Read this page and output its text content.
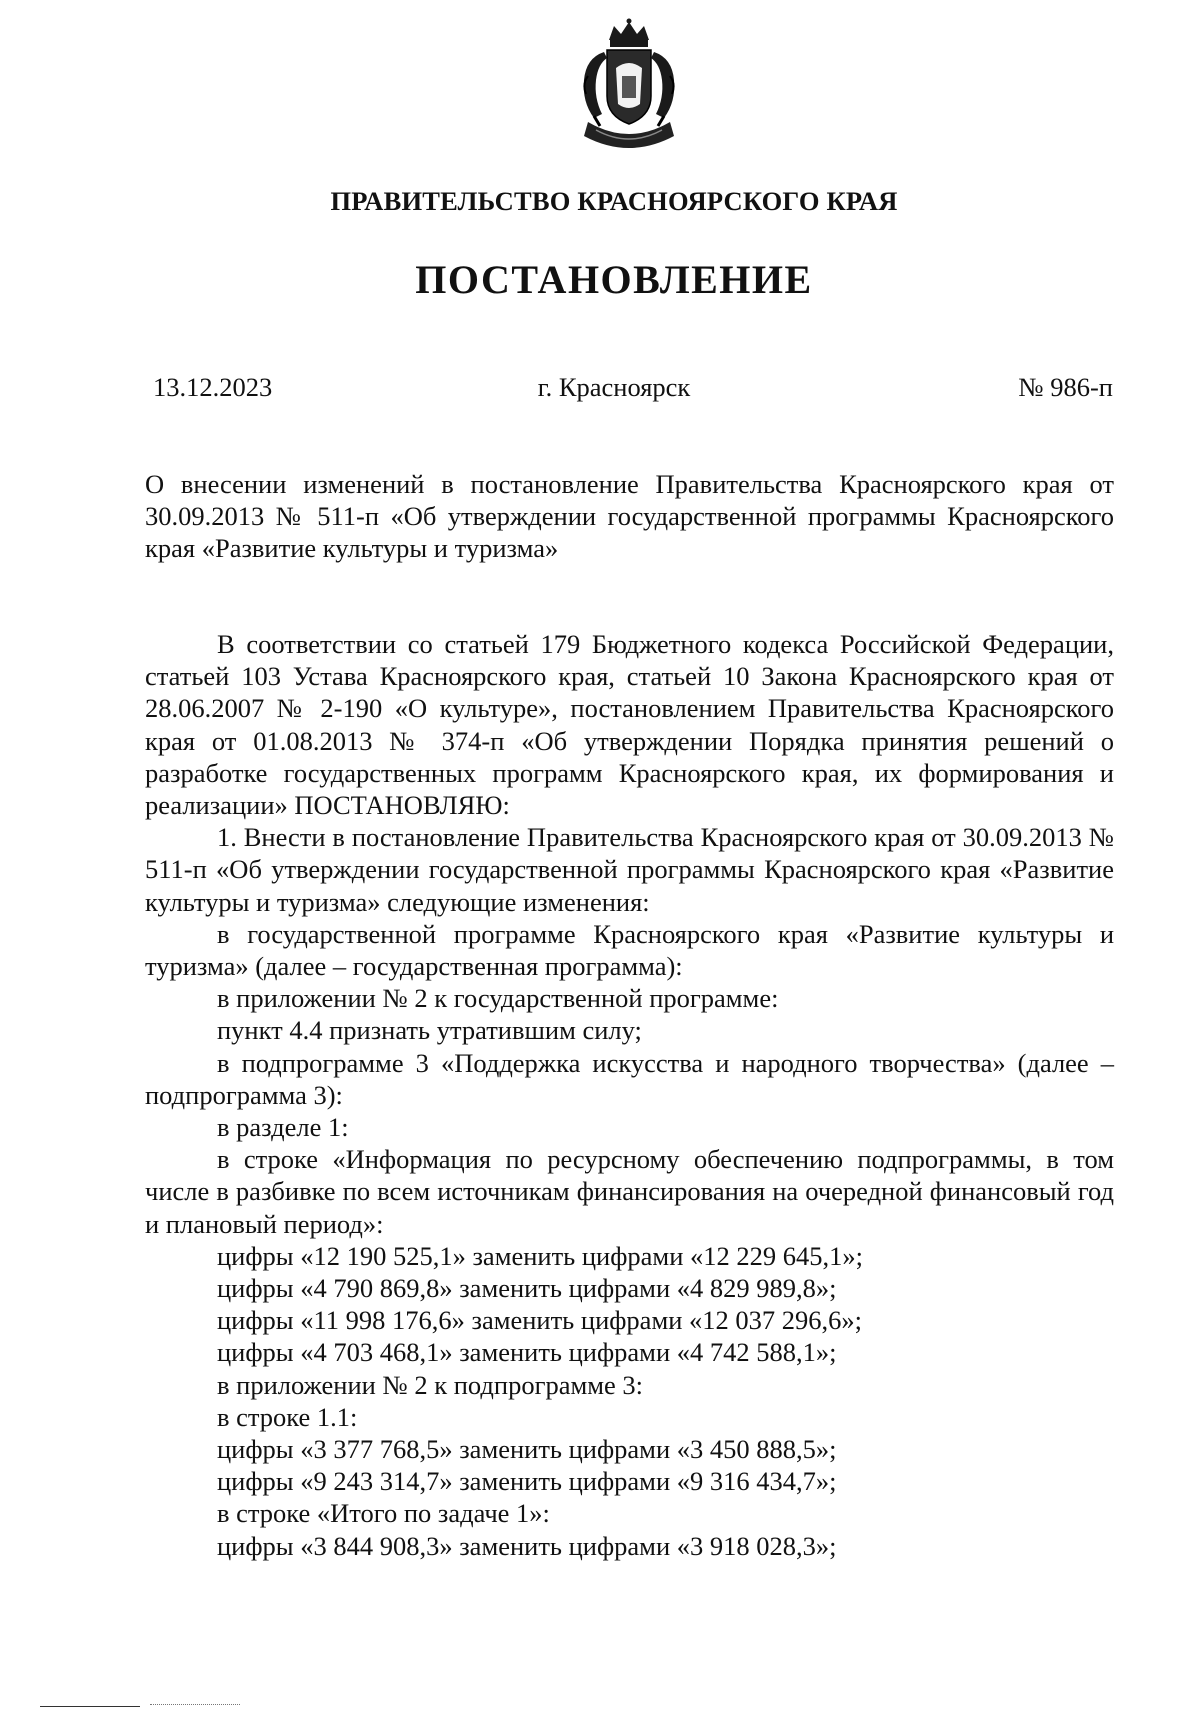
ПРАВИТЕЛЬСТВО КРАСНОЯРСКОГО КРАЯ
ПОСТАНОВЛЕНИЕ
13.12.2023	г. Красноярск	№ 986-п
О внесении изменений в постановление Правительства Красноярского края от 30.09.2013 № 511-п «Об утверждении государственной программы Красноярского края «Развитие культуры и туризма»

В соответствии со статьей 179 Бюджетного кодекса Российской Федерации, статьей 103 Устава Красноярского края, статьей 10 Закона Красноярского края от 28.06.2007 № 2-190 «О культуре», постановлением Правительства Красноярского края от 01.08.2013 № 374-п «Об утверждении Порядка принятия решений о разработке государственных программ Красноярского края, их формирования и реализации» ПОСТАНОВЛЯЮ:

1. Внести в постановление Правительства Красноярского края от 30.09.2013 № 511-п «Об утверждении государственной программы Красноярского края «Развитие культуры и туризма» следующие изменения:

в государственной программе Красноярского края «Развитие культуры и туризма» (далее – государственная программа):

в приложении № 2 к государственной программе:

пункт 4.4 признать утратившим силу;

в подпрограмме 3 «Поддержка искусства и народного творчества» (далее – подпрограмма 3):

в разделе 1:

в строке «Информация по ресурсному обеспечению подпрограммы, в том числе в разбивке по всем источникам финансирования на очередной финансовый год и плановый период»:

цифры «12 190 525,1» заменить цифрами «12 229 645,1»;

цифры «4 790 869,8» заменить цифрами «4 829 989,8»;

цифры «11 998 176,6» заменить цифрами «12 037 296,6»;

цифры «4 703 468,1» заменить цифрами «4 742 588,1»;

в приложении № 2 к подпрограмме 3:

в строке 1.1:

цифры «3 377 768,5» заменить цифрами «3 450 888,5»;

цифры «9 243 314,7» заменить цифрами «9 316 434,7»;

в строке «Итого по задаче 1»:

цифры «3 844 908,3» заменить цифрами «3 918 028,3»;
